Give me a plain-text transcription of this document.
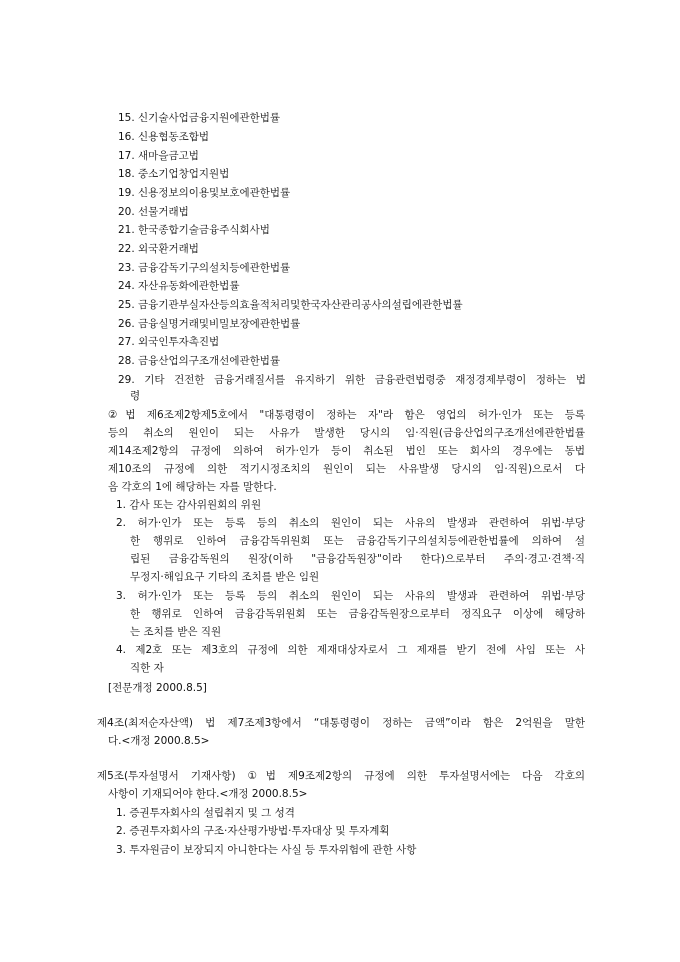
15. 신기술사업금융지원에관한법률
16. 신용협동조합법
17. 새마을금고법
18. 중소기업창업지원법
19. 신용정보의이용및보호에관한법률
20. 선물거래법
21. 한국종합기술금융주식회사법
22. 외국환거래법
23. 금융감독기구의설치등에관한법률
24. 자산유동화에관한법률
25. 금융기관부실자산등의효율적처리및한국자산관리공사의설립에관한법률
26. 금융실명거래및비밀보장에관한법률
27. 외국인투자촉진법
28. 금융산업의구조개선에관한법률
29. 기타 건전한 금융거래질서를 유지하기 위한 금융관련법령중 재정경제부령이 정하는 법
령
②법 제6조제2항제5호에서 "대통령령이 정하는 자"라 함은 영업의 허가·인가 또는 등록
등의 취소의 원인이 되는 사유가 발생한 당시의 임·직원(금융산업의구조개선에관한법률
제14조제2항의 규정에 의하여 허가·인가 등이 취소된 법인 또는 회사의 경우에는 동법
제10조의 규정에 의한 적기시정조치의 원인이 되는 사유발생 당시의 임·직원)으로서 다
음 각호의 1에 해당하는 자를 말한다.
1. 감사 또는 감사위원회의 위원
2. 허가·인가 또는 등록 등의 취소의 원인이 되는 사유의 발생과 관련하여 위법·부당
한 행위로 인하여 금융감독위원회 또는 금융감독기구의설치등에관한법률에 의하여 설
립된 금융감독원의 원장(이하 "금융감독원장"이라 한다)으로부터 주의·경고·견책·직
무정지·해임요구 기타의 조치를 받은 임원
3. 허가·인가 또는 등록 등의 취소의 원인이 되는 사유의 발생과 관련하여 위법·부당
한 행위로 인하여 금융감독위원회 또는 금융감독원장으로부터 정직요구 이상에 해당하
는 조치를 받은 직원
4. 제2호 또는 제3호의 규정에 의한 제재대상자로서 그 제재를 받기 전에 사임 또는 사
직한 자
[전문개정 2000.8.5]
제4조(최저순자산액) 법 제7조제3항에서 “대통령령이 정하는 금액”이라 함은 2억원을 말한
다.<개정 2000.8.5>
제5조(투자설명서 기재사항) ①법 제9조제2항의 규정에 의한 투자설명서에는 다음 각호의
사항이 기재되어야 한다.<개정 2000.8.5>
1. 증권투자회사의 설립취지 및 그 성격
2. 증권투자회사의 구조·자산평가방법·투자대상 및 투자계획
3. 투자원금이 보장되지 아니한다는 사실 등 투자위험에 관한 사항
